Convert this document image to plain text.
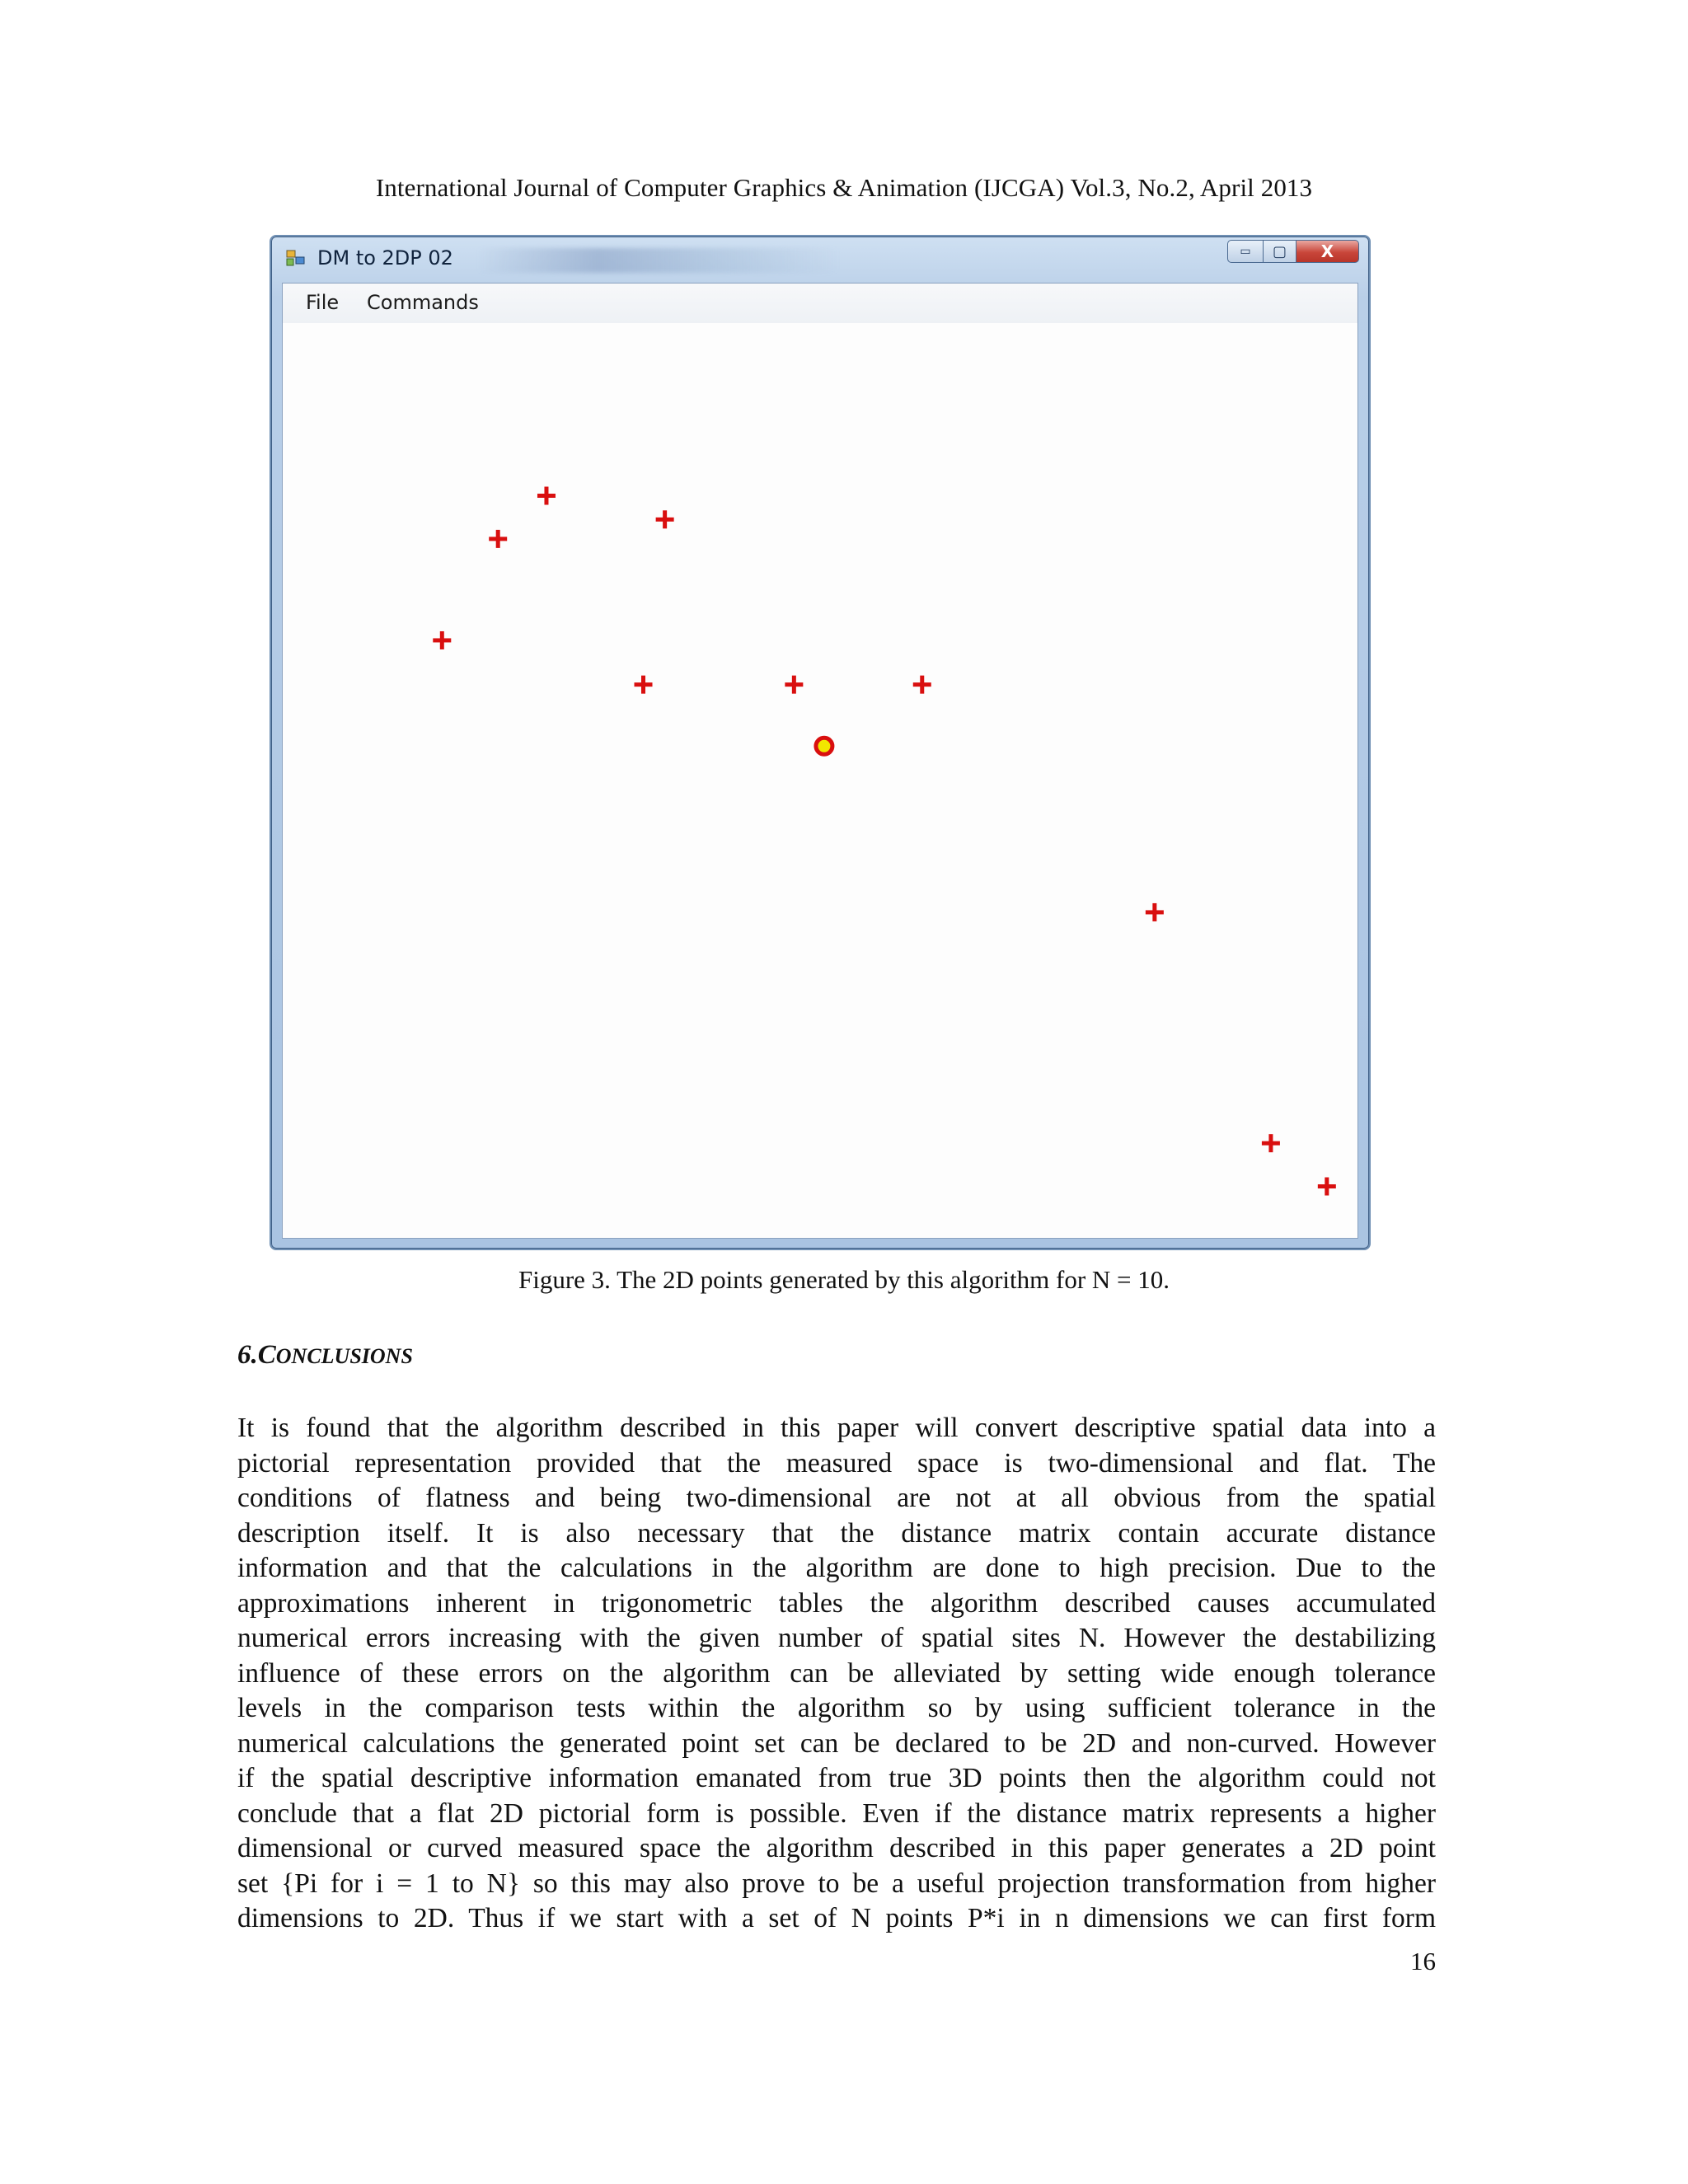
International Journal of Computer Graphics & Animation (IJCGA) Vol.3, No.2, April 2013
DM to 2DP 02	▭ ▢ X
File Commands
Figure 3. The 2D points generated by this algorithm for N = 10.
6.CONCLUSIONS
It is found that the algorithm described in this paper will convert descriptive spatial data into a
pictorial representation provided that the measured space is two-dimensional and flat. The
conditions of flatness and being two-dimensional are not at all obvious from the spatial
description itself. It is also necessary that the distance matrix contain accurate distance
information and that the calculations in the algorithm are done to high precision. Due to the
approximations inherent in trigonometric tables the algorithm described causes accumulated
numerical errors increasing with the given number of spatial sites N. However the destabilizing
influence of these errors on the algorithm can be alleviated by setting wide enough tolerance
levels in the comparison tests within the algorithm so by using sufficient tolerance in the
numerical calculations the generated point set can be declared to be 2D and non-curved. However
if the spatial descriptive information emanated from true 3D points then the algorithm could not
conclude that a flat 2D pictorial form is possible. Even if the distance matrix represents a higher
dimensional or curved measured space the algorithm described in this paper generates a 2D point
set {Pi for i = 1 to N} so this may also prove to be a useful projection transformation from higher
dimensions to 2D. Thus if we start with a set of N points P*i in n dimensions we can first form
16
